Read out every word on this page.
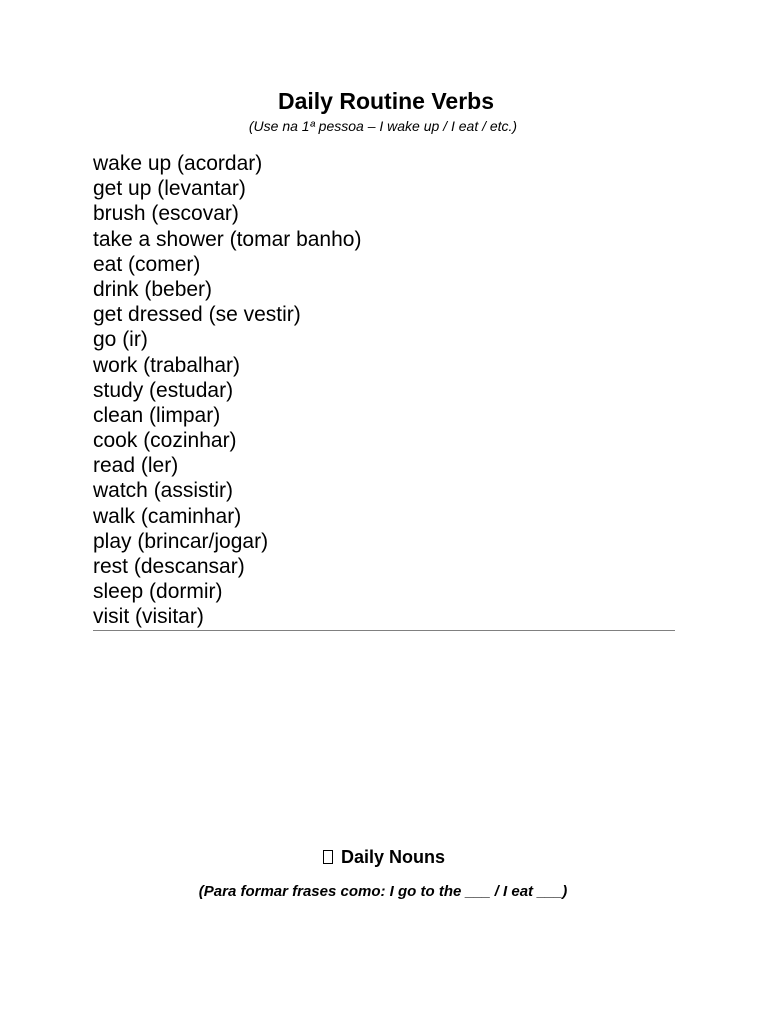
Daily Routine Verbs

(Use na 1ª pessoa – I wake up / I eat / etc.)

wake up (acordar)
get up (levantar)
brush (escovar)
take a shower (tomar banho)
eat (comer)
drink (beber)
get dressed (se vestir)
go (ir)
work (trabalhar)
study (estudar)
clean (limpar)
cook (cozinhar)
read (ler)
watch (assistir)
walk (caminhar)
play (brincar/jogar)
rest (descansar)
sleep (dormir)
visit (visitar)
Daily Nouns

(Para formar frases como: I go to the ___ / I eat ___)
